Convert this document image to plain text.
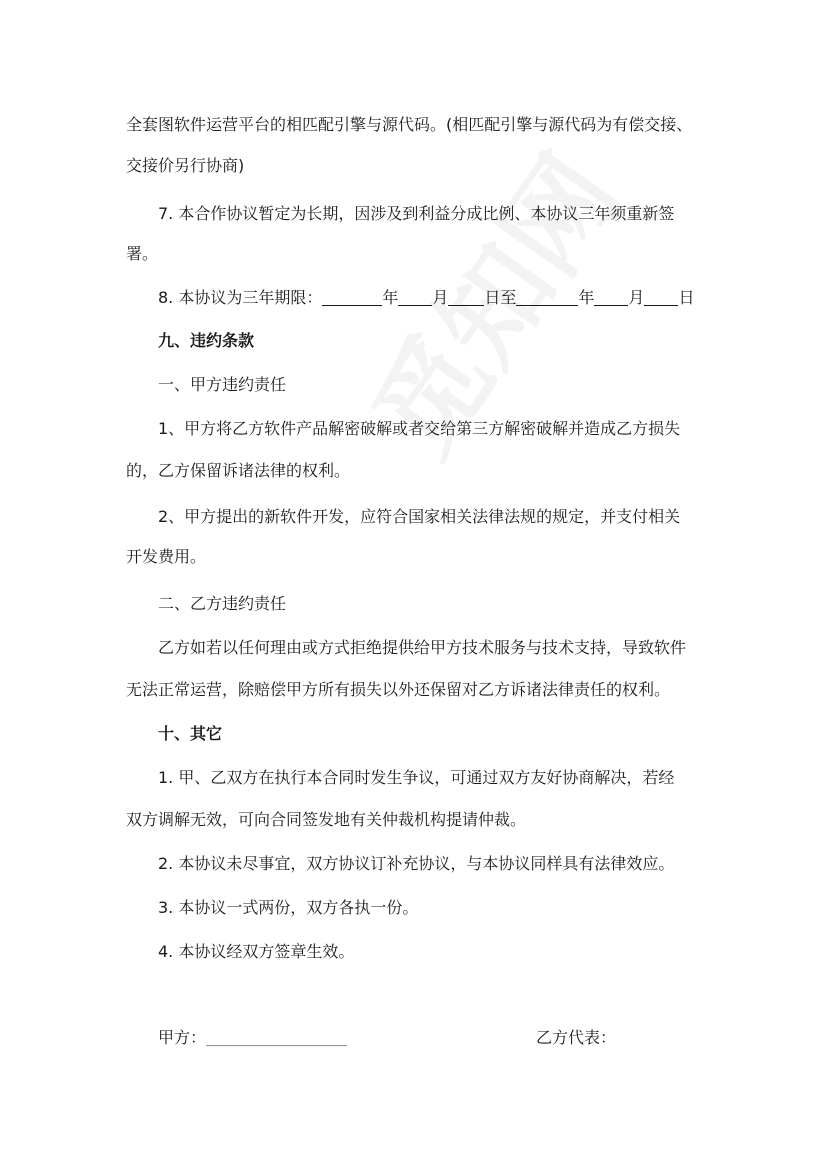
全套图软件运营平台的相匹配引擎与源代码。(相匹配引擎与源代码为有偿交接、
交接价另行协商)
7. 本合作协议暂定为长期，因涉及到利益分成比例、本协议三年须重新签
署。
8. 本协议为三年期限：	年 月 日至	年 月 日
九、违约条款
一、甲方违约责任
1、甲方将乙方软件产品解密破解或者交给第三方解密破解并造成乙方损失
的，乙方保留诉诸法律的权利。
2、甲方提出的新软件开发，应符合国家相关法律法规的规定，并支付相关
开发费用。
二、乙方违约责任
乙方如若以任何理由或方式拒绝提供给甲方技术服务与技术支持，导致软件
无法正常运营，除赔偿甲方所有损失以外还保留对乙方诉诸法律责任的权利。
十、其它
1. 甲、乙双方在执行本合同时发生争议，可通过双方友好协商解决，若经
双方调解无效，可向合同签发地有关仲裁机构提请仲裁。
2. 本协议未尽事宜，双方协议订补充协议，与本协议同样具有法律效应。
3. 本协议一式两份，双方各执一份。
4. 本协议经双方签章生效。
甲方：__________________	乙方代表：
